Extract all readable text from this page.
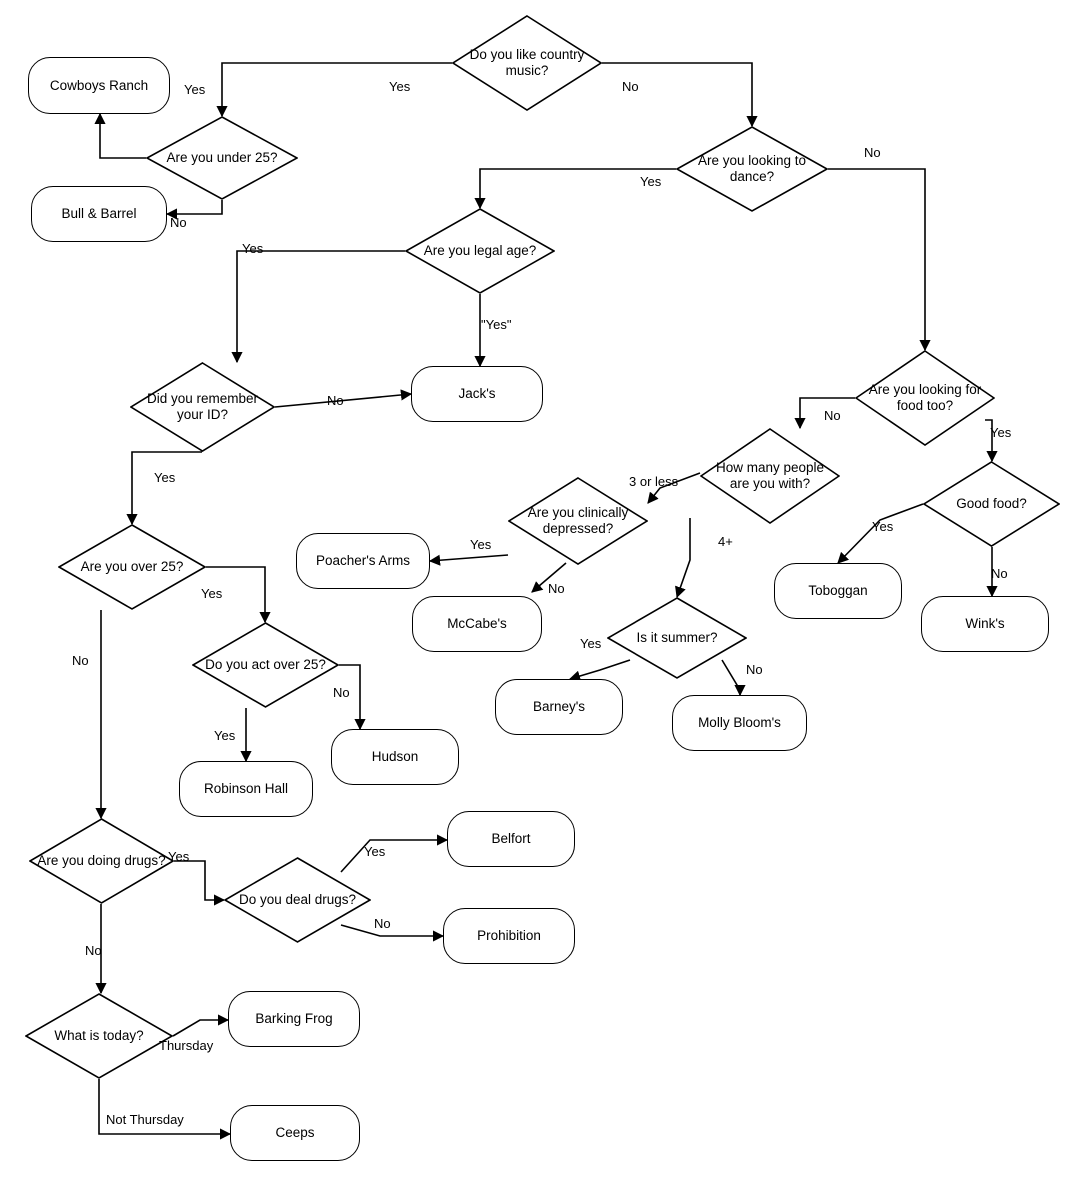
Do you like country music?
Are you under 25?
Cowboys Ranch
Bull & Barrel
Are you looking to dance?
Are you legal age?
Jack's
Did you remember your ID?
Are you over 25?
Do you act over 25?
Robinson Hall
Hudson
Are you doing drugs?
Do you deal drugs?
Belfort
Prohibition
What is today?
Barking Frog
Ceeps
Are you looking for food too?
How many people are you with?
Good food?
Toboggan
Wink's
Are you clinically depressed?
Poacher's Arms
McCabe's
Is it summer?
Barney's
Molly Bloom's
Yes	No
Yes
No
Yes
No
Yes
"Yes"
No
Yes
Yes
No
Yes
No
Yes
No
Yes
No
Thursday
Not Thursday
No
Yes
3 or less
4+
Yes
No
Yes
No
Yes
No
